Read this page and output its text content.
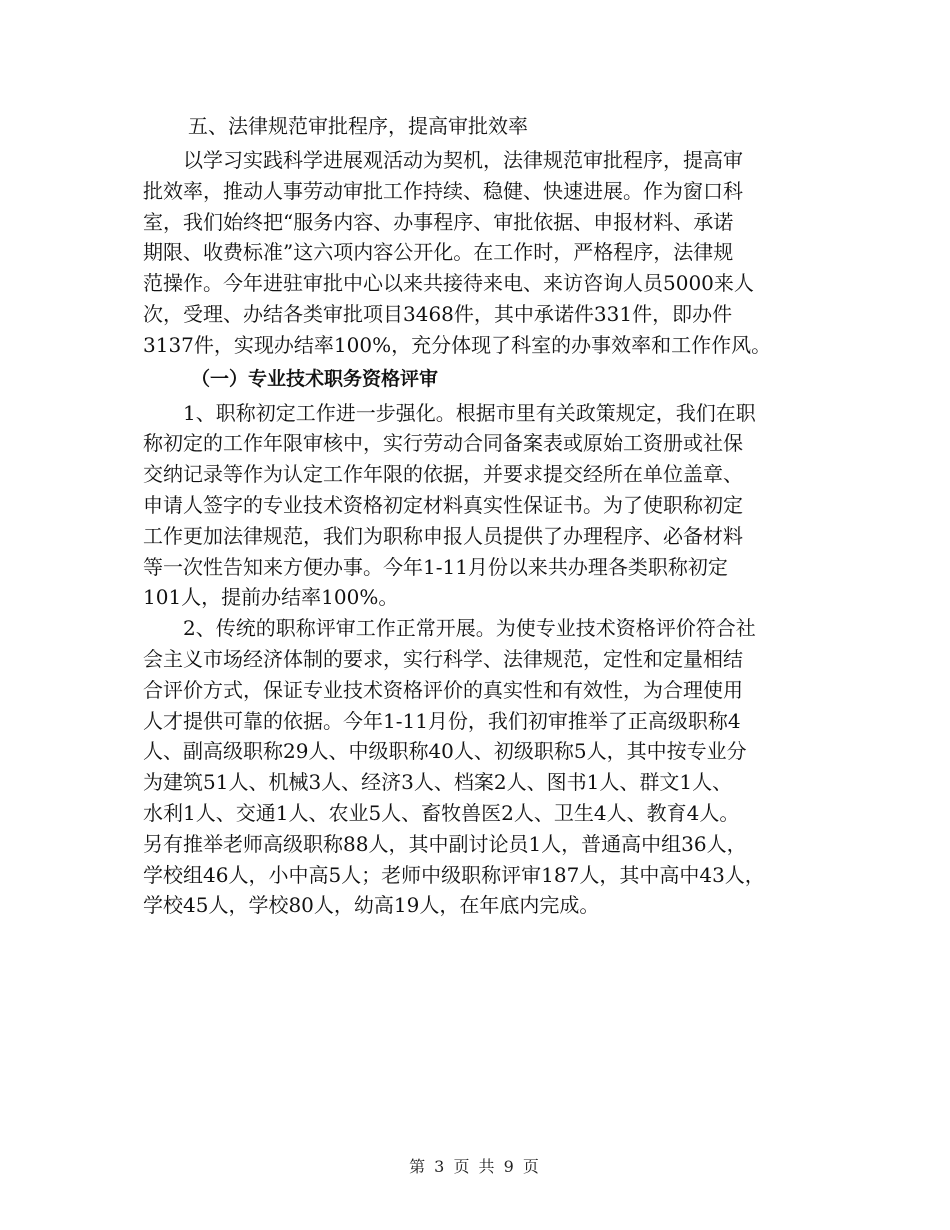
五、法律规范审批程序，提高审批效率

　　以学习实践科学进展观活动为契机，法律规范审批程序，提高审

批效率，推动人事劳动审批工作持续、稳健、快速进展。作为窗口科

室，我们始终把“服务内容、办事程序、审批依据、申报材料、承诺

期限、收费标准”这六项内容公开化。在工作时，严格程序，法律规

范操作。今年进驻审批中心以来共接待来电、来访咨询人员5000来人

次，受理、办结各类审批项目3468件，其中承诺件331件，即办件

3137件，实现办结率100%，充分体现了科室的办事效率和工作作风。

（一）专业技术职务资格评审

　　1、职称初定工作进一步强化。根据市里有关政策规定，我们在职

称初定的工作年限审核中，实行劳动合同备案表或原始工资册或社保

交纳记录等作为认定工作年限的依据，并要求提交经所在单位盖章、

申请人签字的专业技术资格初定材料真实性保证书。为了使职称初定

工作更加法律规范，我们为职称申报人员提供了办理程序、必备材料

等一次性告知来方便办事。今年1-11月份以来共办理各类职称初定

101人，提前办结率100%。

　　2、传统的职称评审工作正常开展。为使专业技术资格评价符合社

会主义市场经济体制的要求，实行科学、法律规范，定性和定量相结

合评价方式，保证专业技术资格评价的真实性和有效性，为合理使用

人才提供可靠的依据。今年1-11月份，我们初审推举了正高级职称4

人、副高级职称29人、中级职称40人、初级职称5人，其中按专业分

为建筑51人、机械3人、经济3人、档案2人、图书1人、群文1人、

水利1人、交通1人、农业5人、畜牧兽医2人、卫生4人、教育4人。

另有推举老师高级职称88人，其中副讨论员1人，普通高中组36人，

学校组46人，小中高5人；老师中级职称评审187人，其中高中43人，

学校45人，学校80人，幼高19人，在年底内完成。

第 3 页 共 9 页
